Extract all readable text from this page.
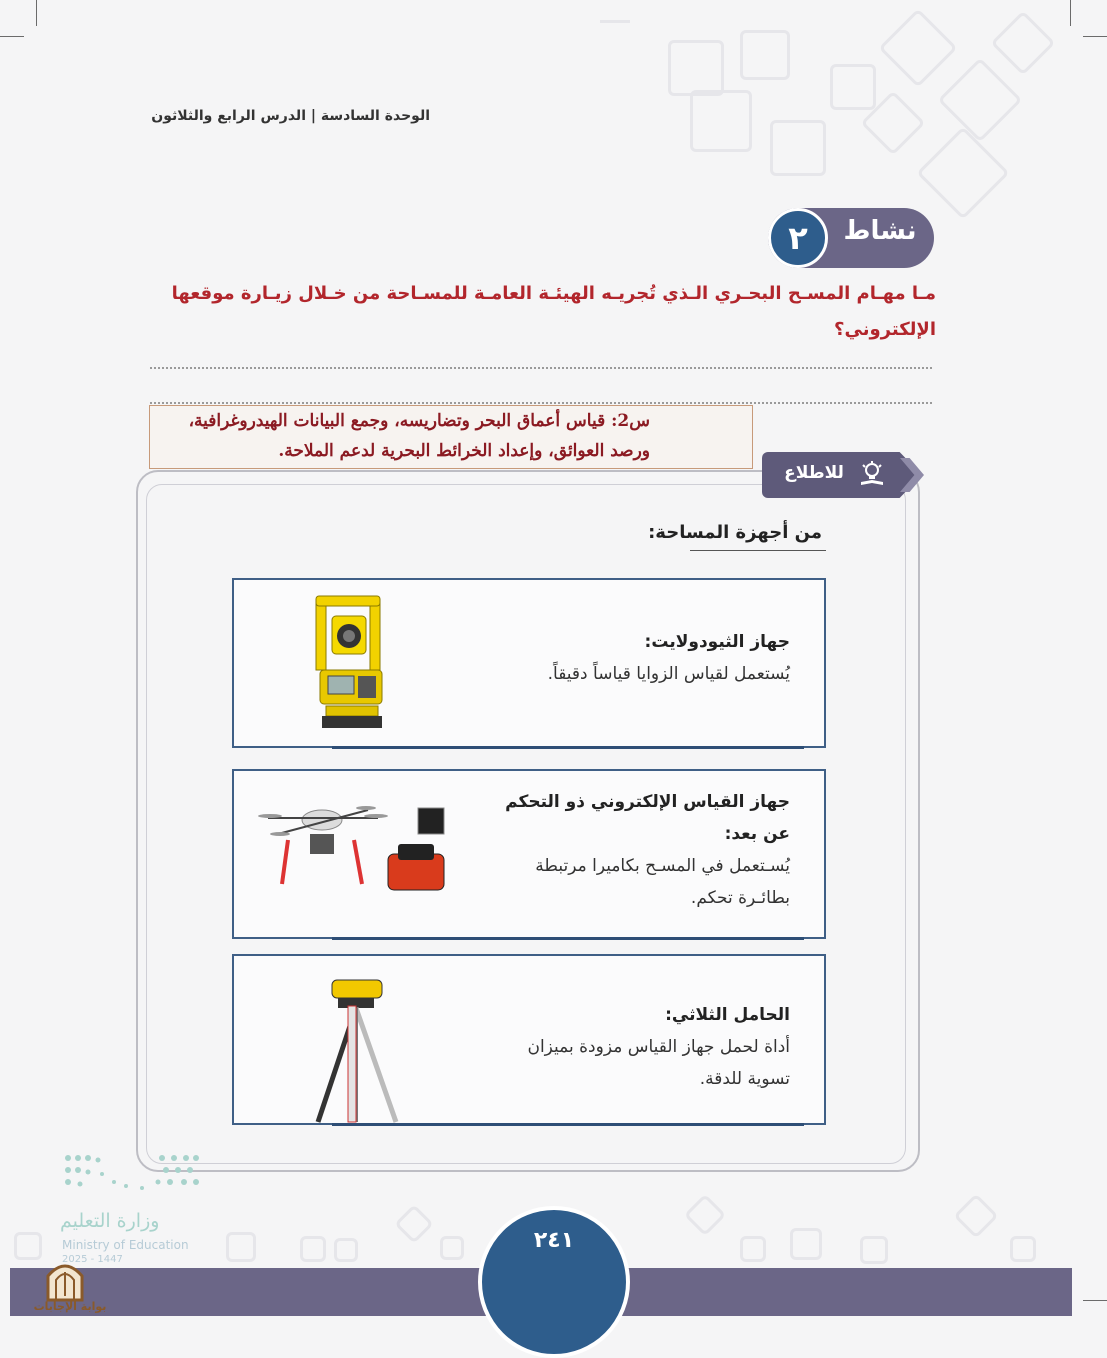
الوحدة السادسة | الدرس الرابع والثلاثون
نشاط
٢
مـا مهـام المسـح البحـري الـذي تُجريـه الهيئـة العامـة للمسـاحة من خـلال زيـارة موقعها الإلكتروني؟
س2: قياس أعماق البحر وتضاريسه، وجمع البيانات الهيدروغرافية،
ورصد العوائق، وإعداد الخرائط البحرية لدعم الملاحة.
للاطلاع
من أجهزة المساحة:
جهاز الثيودولايت:
يُستعمل لقياس الزوايا قياساً دقيقاً.
جهاز القياس الإلكتروني ذو التحكم
عن بعد:
يُسـتعمل في المسـح بكاميرا مرتبطة
بطائـرة تحكم.
الحامل الثلاثي:
أداة لحمل جهاز القياس مزودة بميزان
تسوية للدقة.
٢٤١
وزارة التعليم
Ministry of Education
2025 - 1447
بوابة الإجابات
